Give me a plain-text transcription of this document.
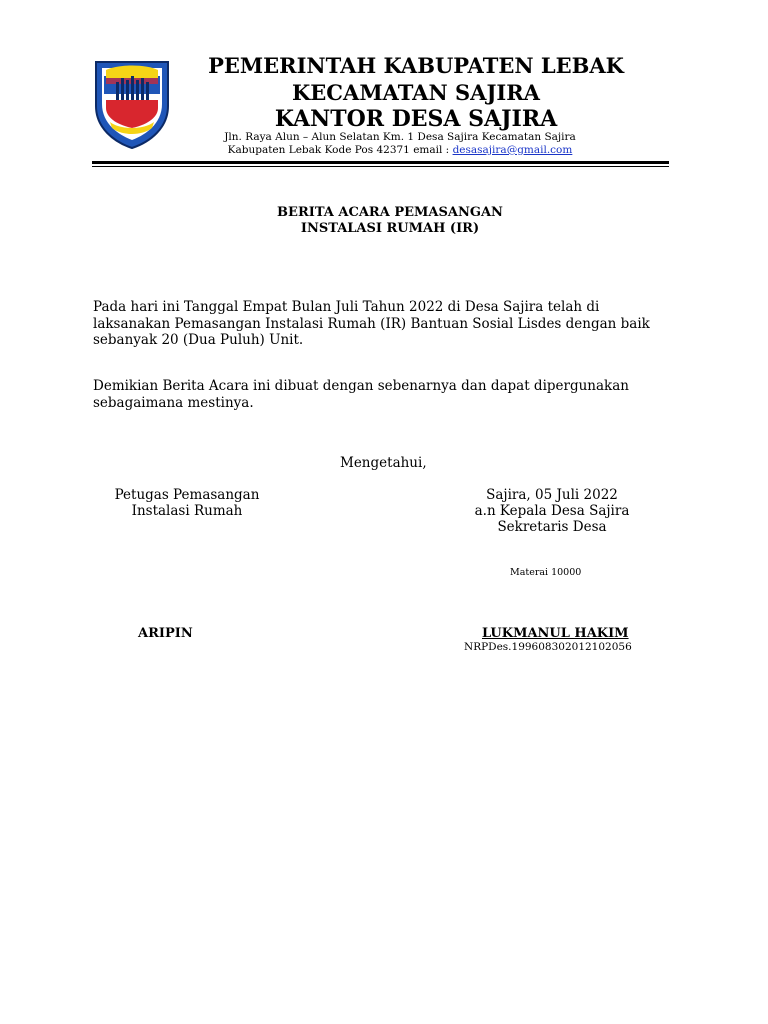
PEMERINTAH KABUPATEN LEBAK
KECAMATAN SAJIRA
KANTOR DESA SAJIRA
Jln. Raya Alun – Alun Selatan Km. 1 Desa Sajira Kecamatan Sajira
Kabupaten Lebak Kode Pos 42371 email : desasajira@gmail.com
BERITA ACARA PEMASANGAN
INSTALASI RUMAH (IR)
Pada hari ini Tanggal Empat Bulan Juli Tahun 2022 di Desa Sajira telah di
laksanakan Pemasangan Instalasi Rumah (IR) Bantuan Sosial Lisdes dengan baik
sebanyak 20 (Dua Puluh) Unit.
Demikian Berita Acara ini dibuat dengan sebenarnya dan dapat dipergunakan
sebagaimana mestinya.
Mengetahui,
Petugas Pemasangan
Instalasi Rumah
Sajira, 05 Juli 2022
a.n Kepala Desa Sajira
Sekretaris Desa
Materai 10000
ARIPIN	LUKMANUL HAKIM
NRPDes.199608302012102056
